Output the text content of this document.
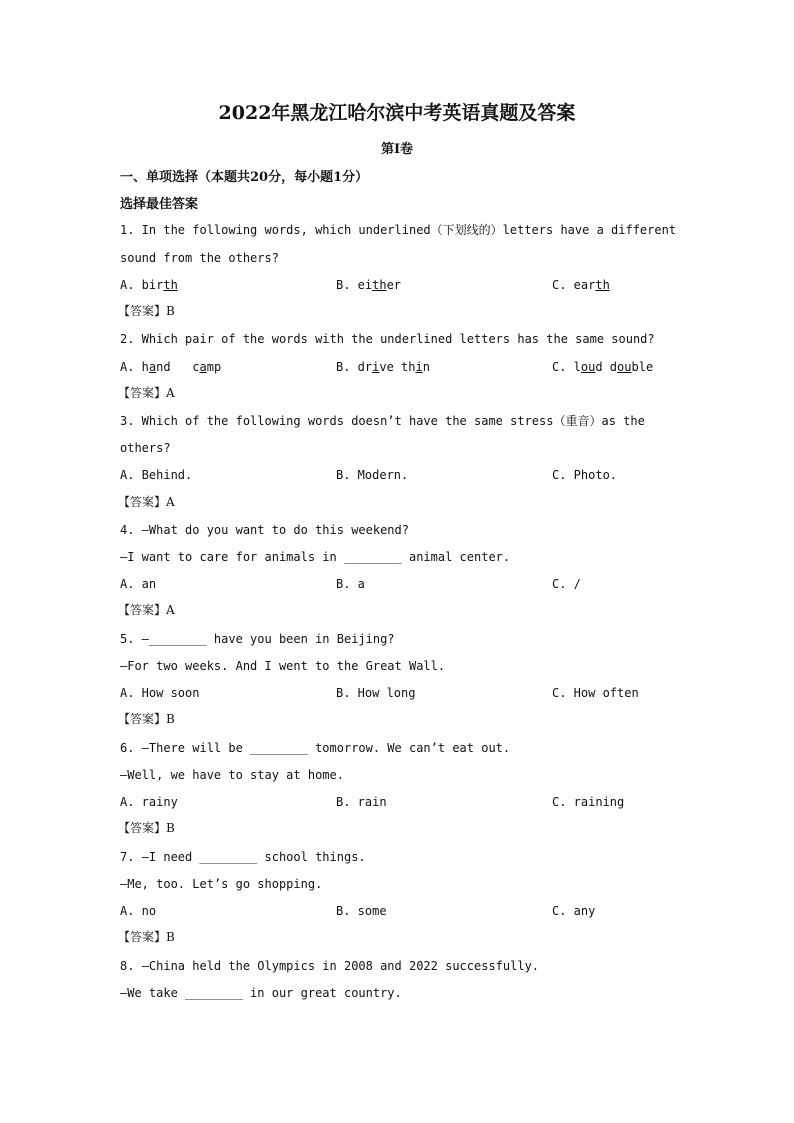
2022年黑龙江哈尔滨中考英语真题及答案
第I卷
一、单项选择（本题共20分，每小题1分）
选择最佳答案
1. In the following words, which underlined（下划线的）letters have a different
sound from the others?
A. birth	B. either	C. earth
【答案】B
2. Which pair of the words with the underlined letters has the same sound?
A. hand   camp	B. drive thin	C. loud double
【答案】A
3. Which of the following words doesn’t have the same stress（重音）as the
others?
A. Behind.	B. Modern.	C. Photo.
【答案】A
4. —What do you want to do this weekend?
—I want to care for animals in ________ animal center.
A. an	B. a	C. /
【答案】A
5. —________ have you been in Beijing?
—For two weeks. And I went to the Great Wall.
A. How soon	B. How long	C. How often
【答案】B
6. —There will be ________ tomorrow. We can’t eat out.
—Well, we have to stay at home.
A. rainy	B. rain	C. raining
【答案】B
7. —I need ________ school things.
—Me, too. Let’s go shopping.
A. no	B. some	C. any
【答案】B
8. —China held the Olympics in 2008 and 2022 successfully.
—We take ________ in our great country.
